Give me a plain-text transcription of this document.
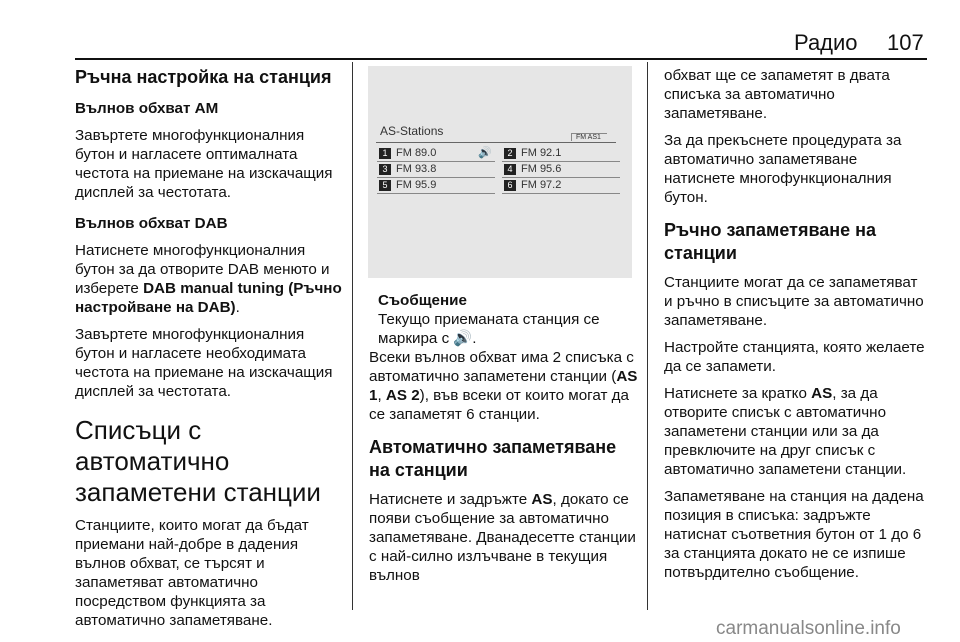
Радио 107

Ръчна настройка на станция

Вълнов обхват AM

Завъртете многофункционалния бутон и нагласете оптималната честота на приемане на изскачащия дисплей за честотата.

Вълнов обхват DAB

Натиснете многофункционалния бутон за да отворите DAB менюто и изберете DAB manual tuning (Ръчно настройване на DAB).

Завъртете многофункционалния бутон и нагласете необходимата честота на приемане на изскачащия дисплей за честотата.

Списъци с автоматично запаметени станции

Станциите, които могат да бъдат приемани най-добре в дадения вълнов обхват, се търсят и запаметяват автоматично посредством функцията за автоматично запаметяване.

AS-Stations	FM AS1
1 FM 89.0	🔊	2 FM 92.1
3 FM 93.8	4 FM 95.6
5 FM 95.9	6 FM 97.2
Съобщение
Текущо приеманата станция се маркира с 🔊.

Всеки вълнов обхват има 2 списъка с автоматично запаметени станции (AS 1, AS 2), във всеки от които могат да се запаметят 6 станции.

Автоматично запаметяване на станции

Натиснете и задръжте AS, докато се появи съобщение за автоматично запаметяване. Дванадесетте станции с най-силно излъчване в текущия вълнов

обхват ще се запаметят в двата списъка за автоматично запаметяване.

За да прекъснете процедурата за автоматично запаметяване натиснете многофункционалния бутон.

Ръчно запаметяване на станции

Станциите могат да се запаметяват и ръчно в списъците за автоматично запаметяване.

Настройте станцията, която желаете да се запамети.

Натиснете за кратко AS, за да отворите списък с автоматично запаметени станции или за да превключите на друг списък с автоматично запаметени станции.

Запаметяване на станция на дадена позиция в списъка: задръжте натиснат съответния бутон от 1 до 6 за станцията докато не се изпише потвърдително съобщение.

carmanualsonline.info
